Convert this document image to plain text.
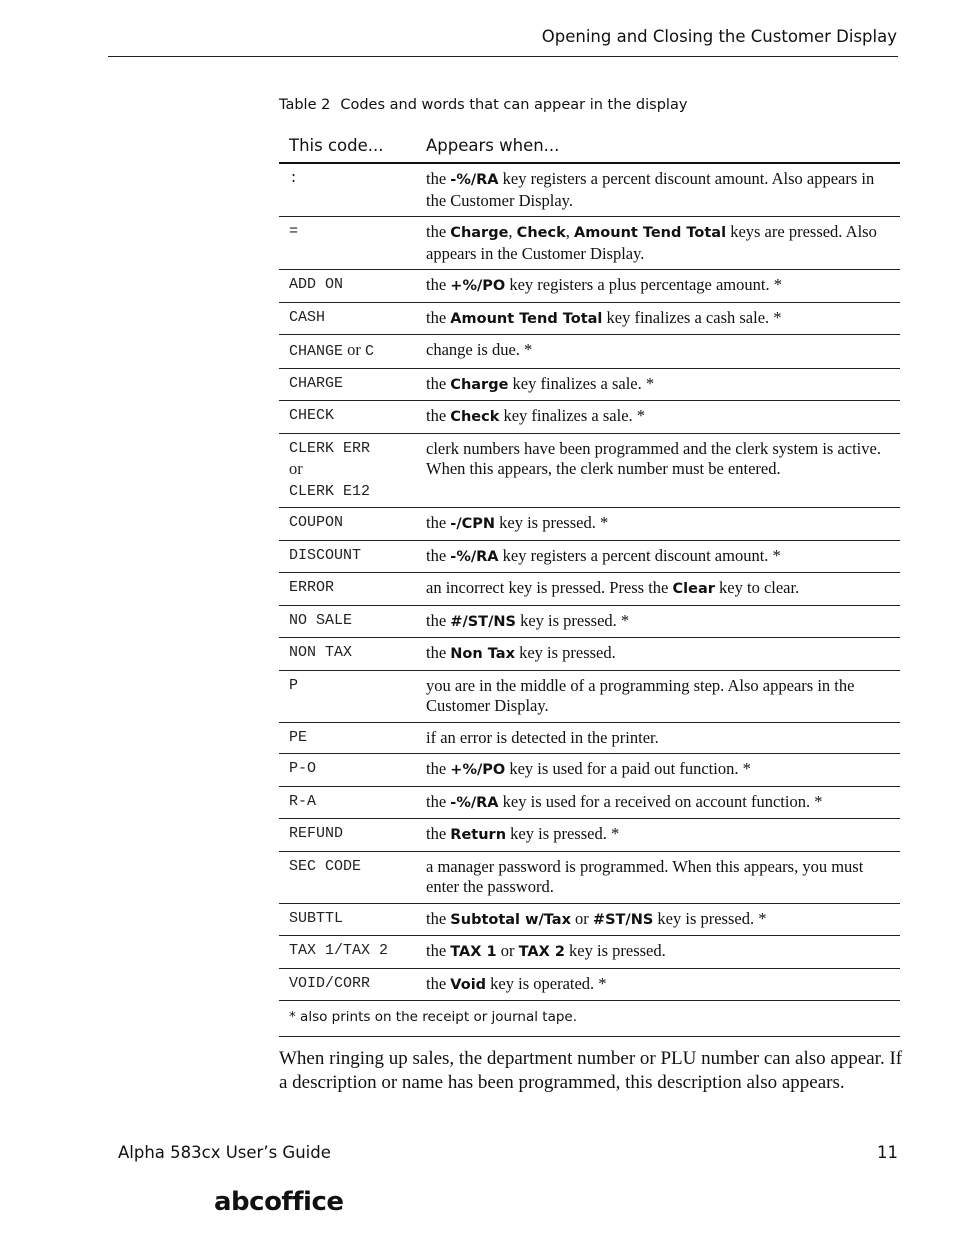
Opening and Closing the Customer Display
Table 2 Codes and words that can appear in the display
This code...	Appears when...
:	the -%/RA key registers a percent discount amount. Also appears in the Customer Display.
=	the Charge, Check, Amount Tend Total keys are pressed. Also appears in the Customer Display.
ADD ON	the +%/PO key registers a plus percentage amount. *
CASH	the Amount Tend Total key finalizes a cash sale. *
CHANGE or C	change is due. *
CHARGE	the Charge key finalizes a sale. *
CHECK	the Check key finalizes a sale. *
CLERK ERR
or
CLERK E12	clerk numbers have been programmed and the clerk system is active. When this appears, the clerk number must be entered.
COUPON	the -/CPN key is pressed. *
DISCOUNT	the -%/RA key registers a percent discount amount. *
ERROR	an incorrect key is pressed. Press the Clear key to clear.
NO SALE	the #/ST/NS key is pressed. *
NON TAX	the Non Tax key is pressed.
P	you are in the middle of a programming step. Also appears in the Customer Display.
PE	if an error is detected in the printer.
P-O	the +%/PO key is used for a paid out function. *
R-A	the -%/RA key is used for a received on account function. *
REFUND	the Return key is pressed. *
SEC CODE	a manager password is programmed. When this appears, you must enter the password.
SUBTTL	the Subtotal w/Tax or #ST/NS key is pressed. *
TAX 1/TAX 2	the TAX 1 or TAX 2 key is pressed.
VOID/CORR	the Void key is operated. *
* also prints on the receipt or journal tape.	

When ringing up sales, the department number or PLU number can also appear. If a description or name has been programmed, this description also appears.

Alpha 583cx User’s Guide	11
abcoffice
